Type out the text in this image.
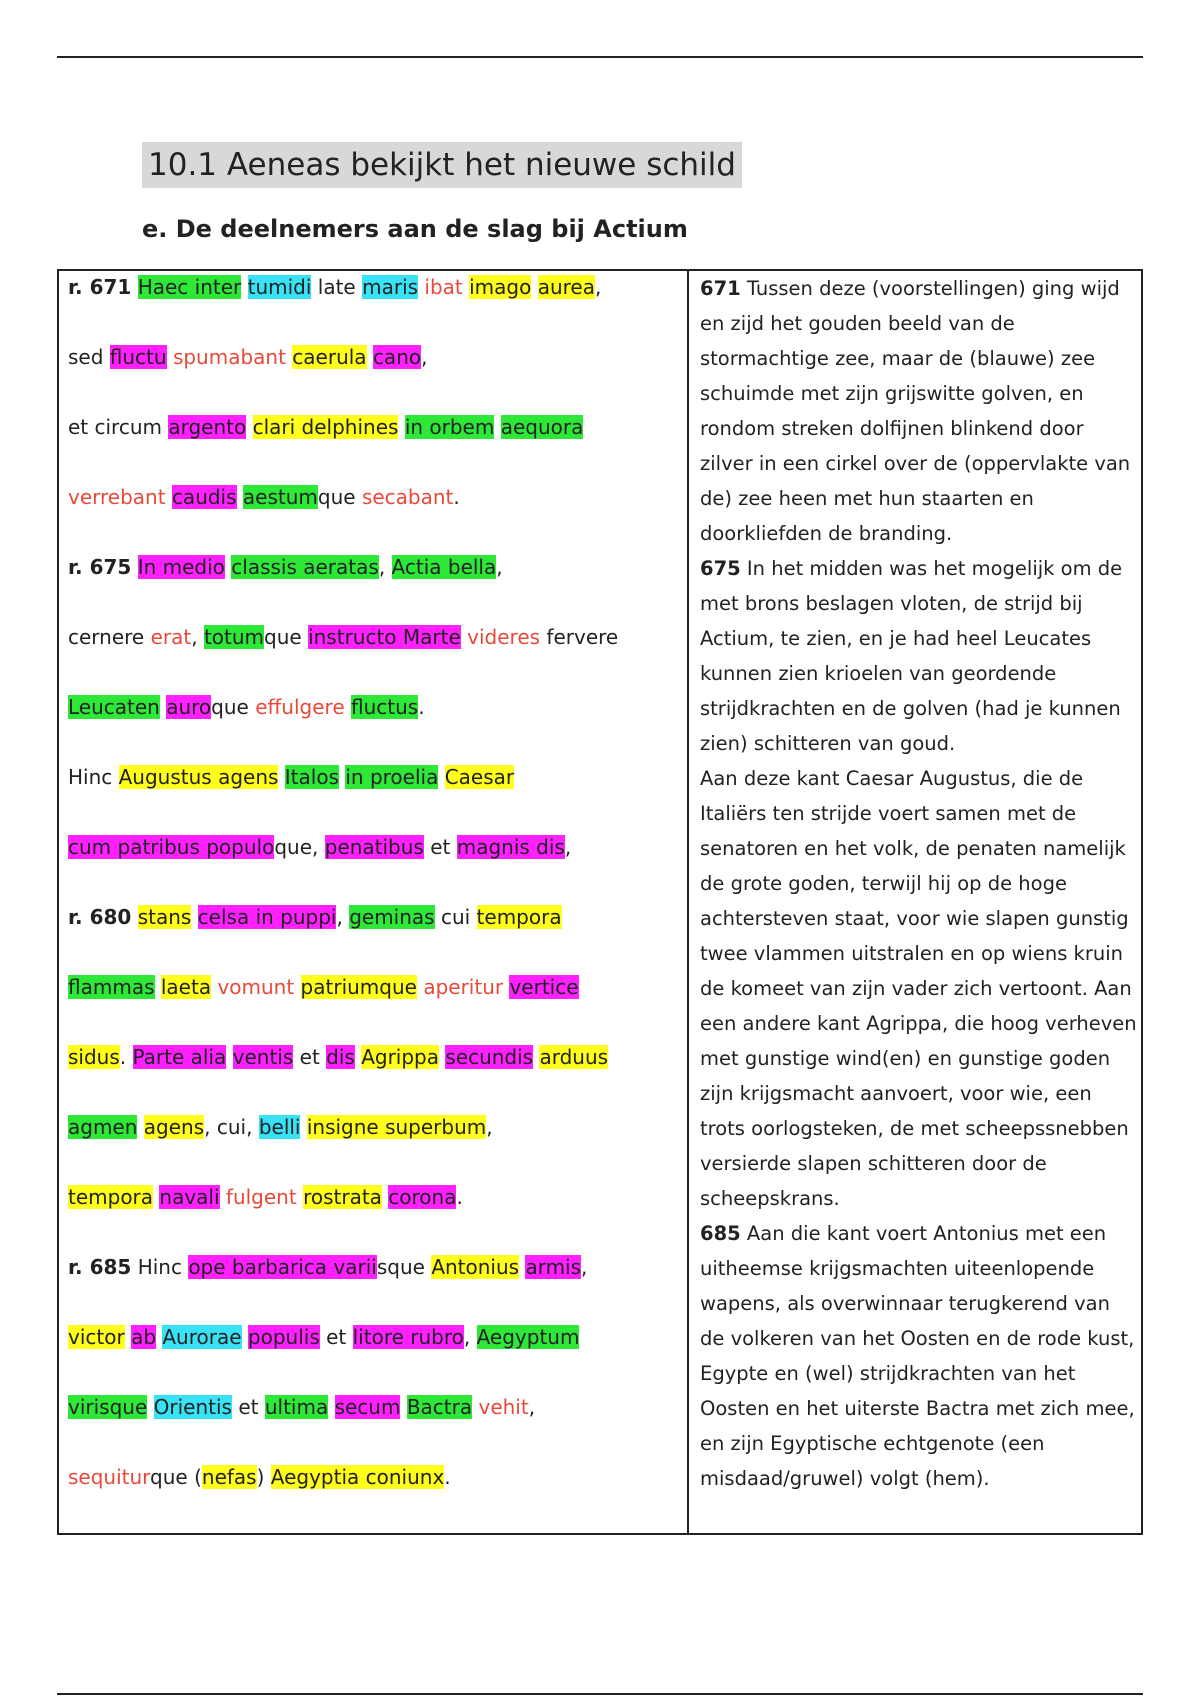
10.1 Aeneas bekijkt het nieuwe schild
e. De deelnemers aan de slag bij Actium
r. 671 Haec inter tumidi late maris ibat imago aurea,
sed fluctu spumabant caerula cano,
et circum argento clari delphines in orbem aequora
verrebant caudis aestumque secabant.
r. 675 In medio classis aeratas, Actia bella,
cernere erat, totumque instructo Marte videres fervere
Leucaten auroque effulgere fluctus.
Hinc Augustus agens Italos in proelia Caesar
cum patribus populoque, penatibus et magnis dis,
r. 680 stans celsa in puppi, geminas cui tempora
flammas laeta vomunt patriumque aperitur vertice
sidus. Parte alia ventis et dis Agrippa secundis arduus
agmen agens, cui, belli insigne superbum,
tempora navali fulgent rostrata corona.
r. 685 Hinc ope barbarica variisque Antonius armis,
victor ab Aurorae populis et litore rubro, Aegyptum
virisque Orientis et ultima secum Bactra vehit,
sequiturque (nefas) Aegyptia coniunx.

671 Tussen deze (voorstellingen) ging wijd en zijd het gouden beeld van de stormachtige zee, maar de (blauwe) zee schuimde met zijn grijswitte golven, en rondom streken dolfijnen blinkend door zilver in een cirkel over de (oppervlakte van de) zee heen met hun staarten en doorkliefden de branding.

675 In het midden was het mogelijk om de met brons beslagen vloten, de strijd bij Actium, te zien, en je had heel Leucates kunnen zien krioelen van geordende strijdkrachten en de golven (had je kunnen zien) schitteren van goud.

Aan deze kant Caesar Augustus, die de Italiërs ten strijde voert samen met de senatoren en het volk, de penaten namelijk de grote goden, terwijl hij op de hoge achtersteven staat, voor wie slapen gunstig twee vlammen uitstralen en op wiens kruin de komeet van zijn vader zich vertoont. Aan een andere kant Agrippa, die hoog verheven met gunstige wind(en) en gunstige goden zijn krijgsmacht aanvoert, voor wie, een trots oorlogsteken, de met scheepssnebben versierde slapen schitteren door de scheepskrans.

685 Aan die kant voert Antonius met een uitheemse krijgsmachten uiteenlopende wapens, als overwinnaar terugkerend van de volkeren van het Oosten en de rode kust, Egypte en (wel) strijdkrachten van het Oosten en het uiterste Bactra met zich mee, en zijn Egyptische echtgenote (een misdaad/gruwel) volgt (hem).
